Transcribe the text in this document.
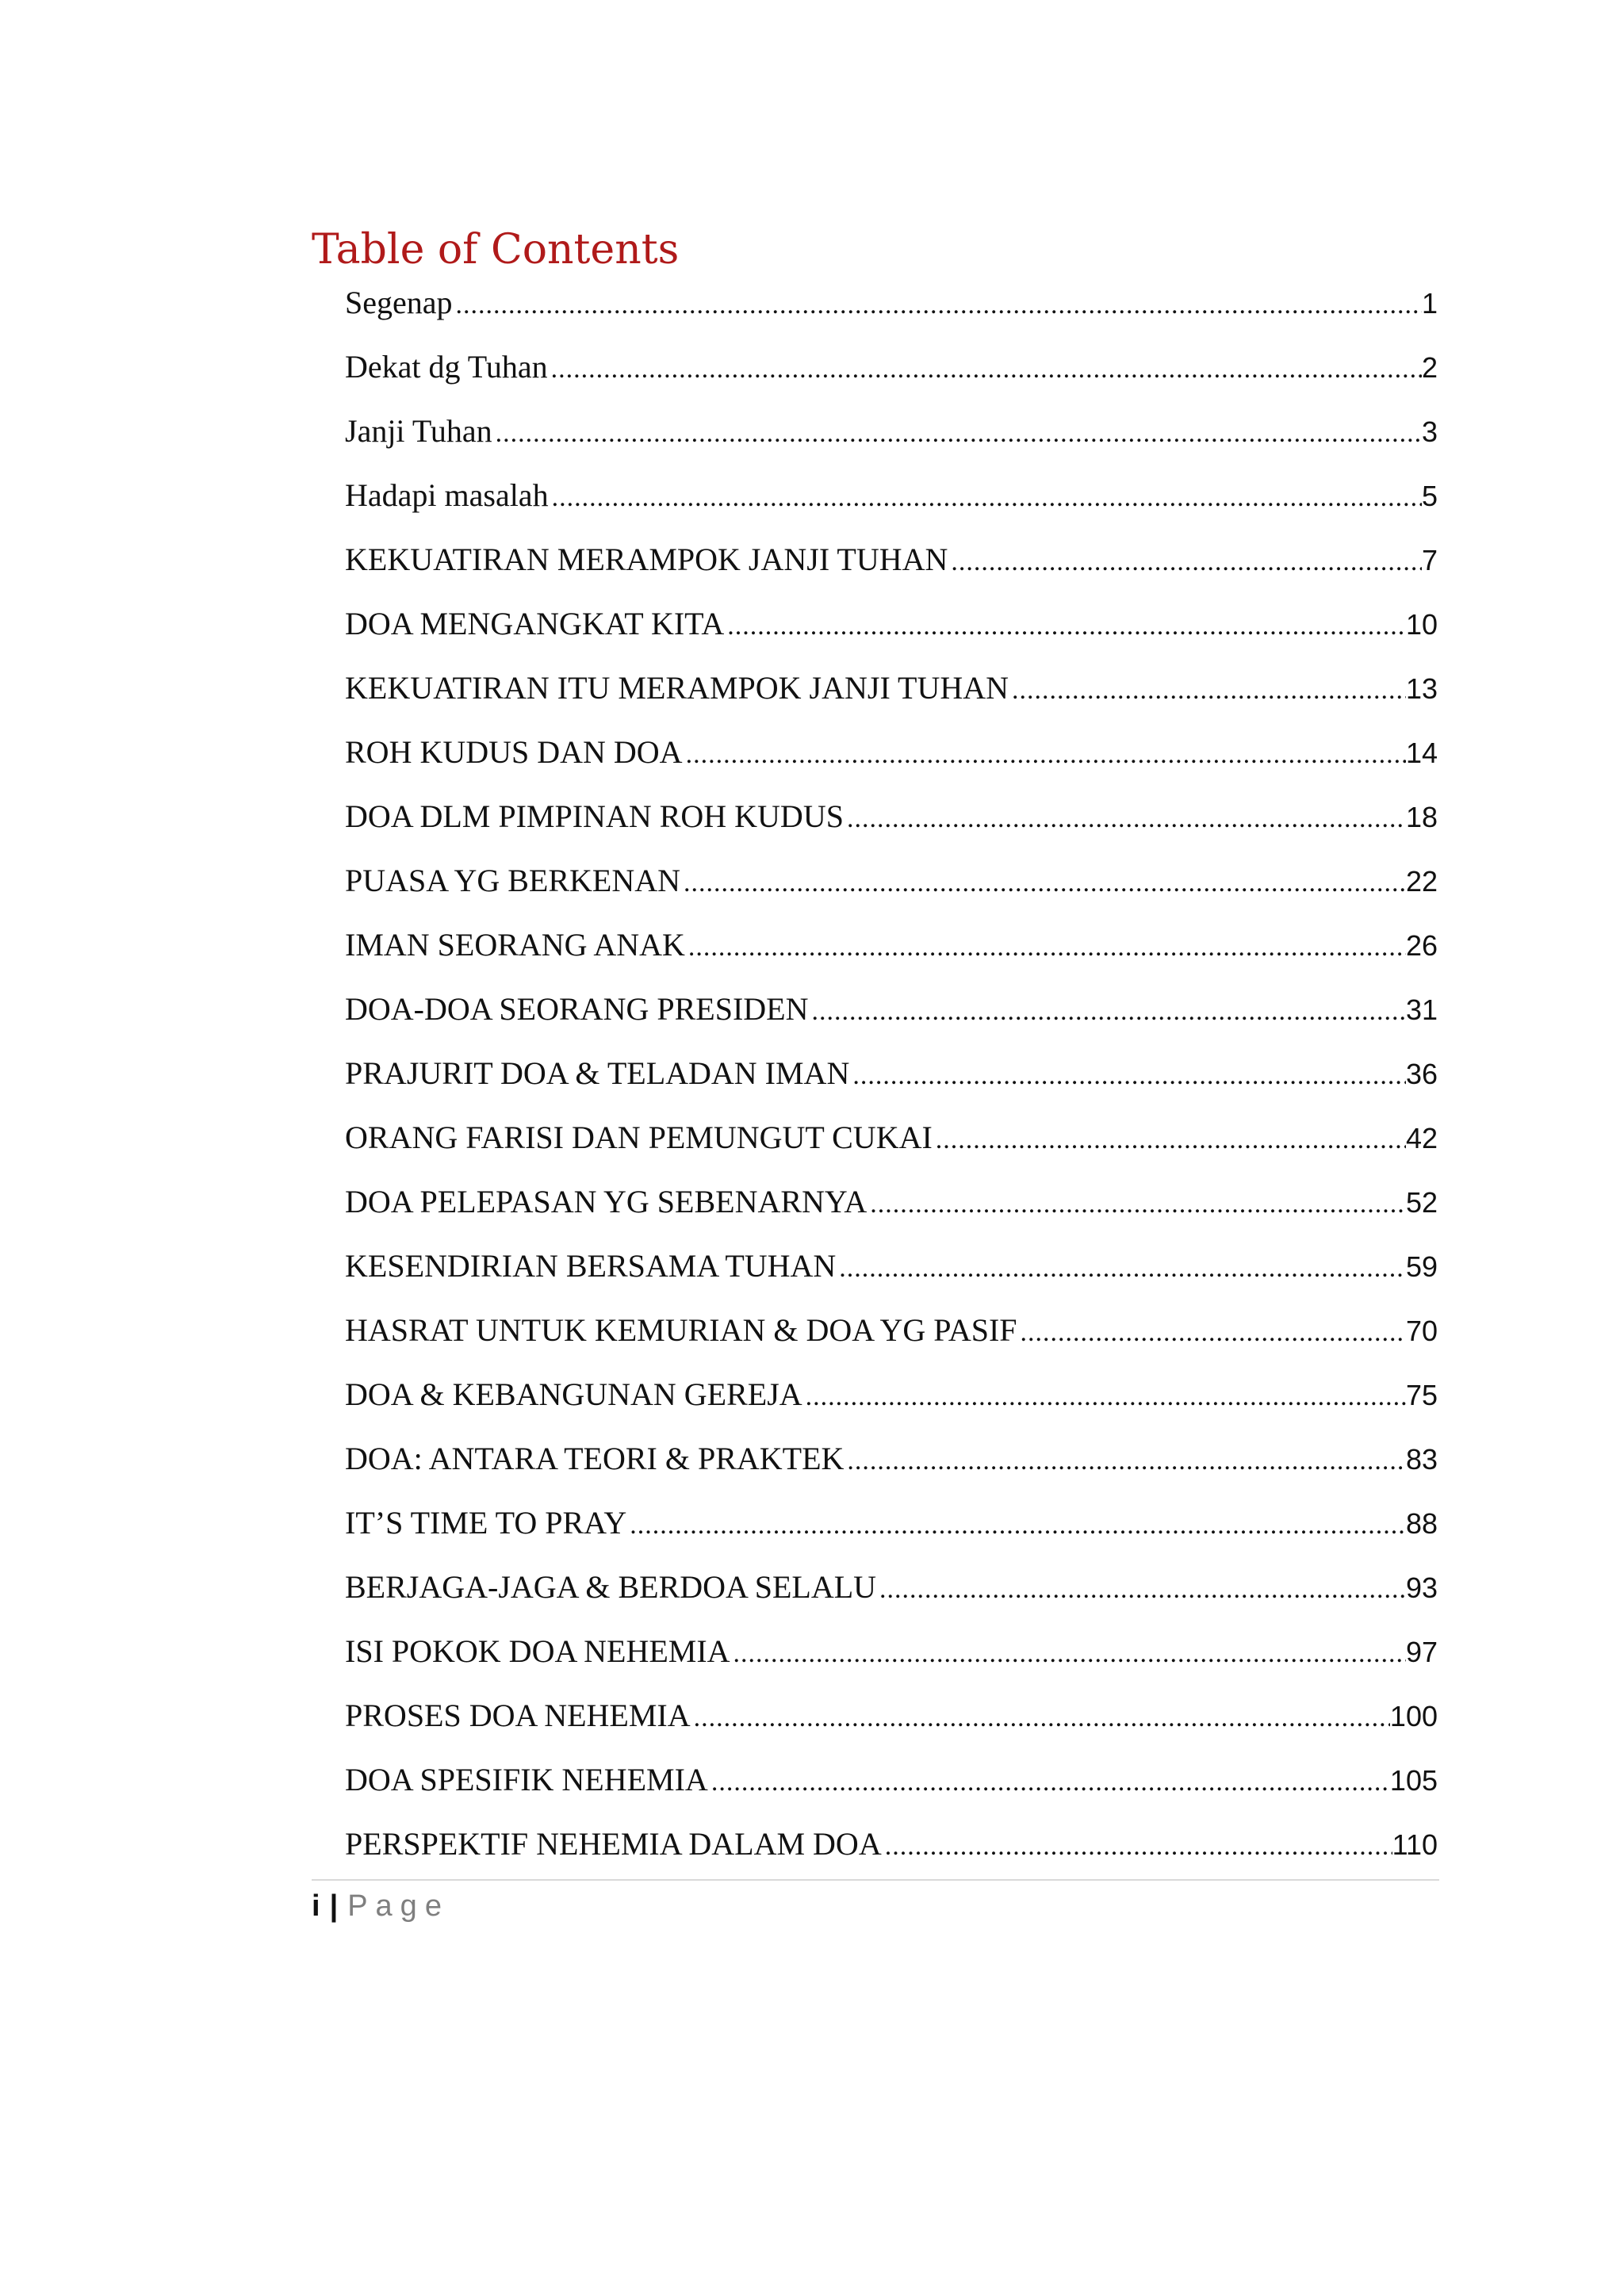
Table of Contents
Segenap .....	1
Dekat dg Tuhan .....	2
Janji Tuhan .....	3
Hadapi masalah .....	5
KEKUATIRAN MERAMPOK JANJI TUHAN .....	7
DOA MENGANGKAT KITA .....	10
KEKUATIRAN ITU MERAMPOK JANJI TUHAN .....	13
ROH KUDUS DAN DOA .....	14
DOA DLM PIMPINAN ROH KUDUS .....	18
PUASA YG BERKENAN .....	22
IMAN SEORANG ANAK .....	26
DOA-DOA SEORANG PRESIDEN .....	31
PRAJURIT DOA & TELADAN IMAN .....	36
ORANG FARISI DAN PEMUNGUT CUKAI .....	42
DOA PELEPASAN YG SEBENARNYA .....	52
KESENDIRIAN BERSAMA TUHAN .....	59
HASRAT UNTUK KEMURIAN & DOA YG PASIF .....	70
DOA & KEBANGUNAN GEREJA .....	75
DOA: ANTARA TEORI & PRAKTEK .....	83
IT’S TIME TO PRAY .....	88
BERJAGA-JAGA & BERDOA SELALU .....	93
ISI POKOK DOA NEHEMIA .....	97
PROSES DOA NEHEMIA .....	100
DOA SPESIFIK NEHEMIA .....	105
PERSPEKTIF NEHEMIA DALAM DOA .....	110
i | Page
